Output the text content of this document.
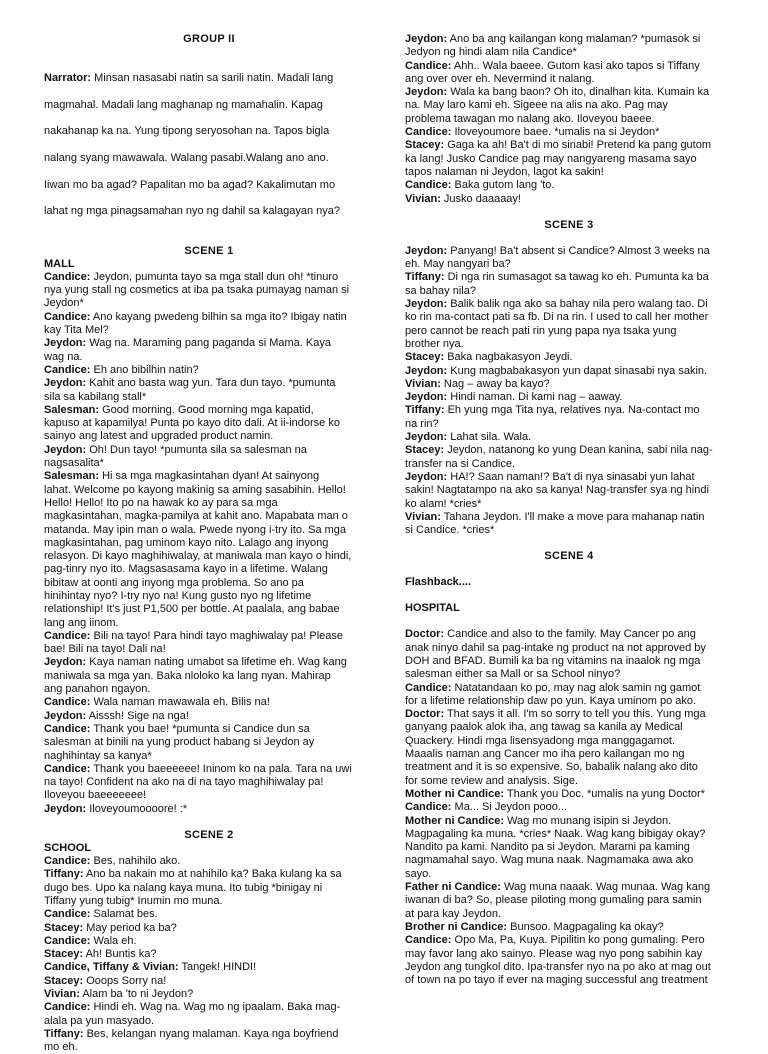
GROUP II

Narrator: Minsan nasasabi natin sa sarili natin. Madali lang

magmahal. Madali lang maghanap ng mamahalin. Kapag

nakahanap ka na. Yung tipong seryosohan na. Tapos bigla

nalang syang mawawala. Walang pasabi.Walang ano ano.

Iiwan mo ba agad? Papalitan mo ba agad? Kakalimutan mo

lahat ng mga pinagsamahan nyo ng dahil sa kalagayan nya?

SCENE 1
MALL
Candice: Jeydon, pumunta tayo sa mga stall dun oh! *tinuro
nya yung stall ng cosmetics at iba pa tsaka pumayag naman si
Jeydon*
Candice: Ano kayang pwedeng bilhin sa mga ito? Ibigay natin
kay Tita Mel?
Jeydon: Wag na. Maraming pang paganda si Mama. Kaya
wag na.
Candice: Eh ano bibilhin natin?
Jeydon: Kahit ano basta wag yun. Tara dun tayo. *pumunta
sila sa kabilang stall*
Salesman: Good morning. Good morning mga kapatid,
kapuso at kapamilya! Punta po kayo dito dali. At ii-indorse ko
sainyo ang latest and upgraded product namin.
Jeydon: Oh! Dun tayo! *pumunta sila sa salesman na
nagsasalita*
Salesman: Hi sa mga magkasintahan dyan! At sainyong
lahat. Welcome po kayong makinig sa aming sasabihin. Hello!
Hello! Hello! Ito po na hawak ko ay para sa mga
magkasintahan, magka-pamilya at kahit ano. Mapabata man o
matanda. May ipin man o wala. Pwede nyong i-try ito. Sa mga
magkasintahan, pag uminom kayo nito. Lalago ang inyong
relasyon. Di kayo maghihiwalay, at maniwala man kayo o hindi,
pag-tinry nyo ito. Magsasasama kayo in a lifetime. Walang
bibitaw at oonti ang inyong mga problema. So ano pa
hinihintay nyo? I-try nyo na! Kung gusto nyo ng lifetime
relationship! It's just P1,500 per bottle. At paalala, ang babae
lang ang iinom.
Candice: Bili na tayo! Para hindi tayo maghiwalay pa! Please
bae! Bili na tayo! Dali na!
Jeydon: Kaya naman nating umabot sa lifetime eh. Wag kang
maniwala sa mga yan. Baka nloloko ka lang nyan. Mahirap
ang panahon ngayon.
Candice: Wala naman mawawala eh. Bilis na!
Jeydon: Aisssh! Sige na nga!
Candice: Thank you bae! *pumunta si Candice dun sa
salesman at binili na yung product habang si Jeydon ay
naghihintay sa kanya*
Candice: Thank you baeeeeee! Ininom ko na pala. Tara na uwi
na tayo! Confident na ako na di na tayo maghihiwalay pa!
Iloveyou baeeeeeee!
Jeydon: Iloveyoumoooore! :*
SCENE 2
SCHOOL
Candice: Bes, nahihilo ako.
Tiffany: Ano ba nakain mo at nahihilo ka? Baka kulang ka sa
dugo bes. Upo ka nalang kaya muna. Ito tubig *binigay ni
Tiffany yung tubig* Inumin mo muna.
Candice: Salamat bes.
Stacey: May period ka ba?
Candice: Wala eh.
Stacey: Ah! Buntis ka?
Candice, Tiffany & Vivian: Tangek! HINDI!
Stacey: Ooops Sorry na!
Vivian: Alam ba 'to ni Jeydon?
Candice: Hindi eh. Wag na. Wag mo ng ipaalam. Baka mag-
alala pa yun masyado.
Tiffany: Bes, kelangan nyang malaman. Kaya nga boyfriend
mo eh.
Jeydon: Ano ba ang kailangan kong malaman? *pumasok si
Jedyon ng hindi alam nila Candice*
Candice: Ahh.. Wala baeee. Gutom kasi ako tapos si Tiffany
ang over over eh. Nevermind it nalang.
Jeydon: Wala ka bang baon? Oh ito, dinalhan kita. Kumain ka
na. May laro kami eh. Sigeee na alis na ako. Pag may
problema tawagan mo nalang ako. Iloveyou baeee.
Candice: Iloveyoumore baee. *umalis na si Jeydon*
Stacey: Gaga ka ah! Ba't di mo sinabi! Pretend ka pang gutom
ka lang! Jusko Candice pag may nangyareng masama sayo
tapos nalaman ni Jeydon, lagot ka sakin!
Candice: Baka gutom lang 'to.
Vivian: Jusko daaaaay!
SCENE 3
Jeydon: Panyang! Ba't absent si Candice? Almost 3 weeks na
eh. May nangyari ba?
Tiffany: Di nga rin sumasagot sa tawag ko eh. Pumunta ka ba
sa bahay nila?
Jeydon: Balik balik nga ako sa bahay nila pero walang tao. Di
ko rin ma-contact pati sa fb. Di na rin. I used to call her mother
pero cannot be reach pati rin yung papa nya tsaka yung
brother nya.
Stacey: Baka nagbakasyon Jeydi.
Jeydon: Kung magbabakasyon yun dapat sinasabi nya sakin.
Vivian: Nag – away ba kayo?
Jeydon: Hindi naman. Di kami nag – aaway.
Tiffany: Eh yung mga Tita nya, relatives nya. Na-contact mo
na rin?
Jeydon: Lahat sila. Wala.
Stacey: Jeydon, natanong ko yung Dean kanina, sabi nila nag-
transfer na si Candice.
Jeydon: HA!? Saan naman!? Ba't di nya sinasabi yun lahat
sakin! Nagtatampo na ako sa kanya! Nag-transfer sya ng hindi
ko alam! *cries*
Vivian: Tahana Jeydon. I'll make a move para mahanap natin
si Candice. *cries*
SCENE 4
Flashback....
HOSPITAL
Doctor: Candice and also to the family. May Cancer po ang
anak ninyo dahil sa pag-intake ng product na not approved by
DOH and BFAD. Bumili ka ba ng vitamins na inaalok ng mga
salesman either sa Mall or sa School ninyo?
Candice: Natatandaan ko po, may nag alok samin ng gamot
for a lifetime relationship daw po yun. Kaya uminom po ako.
Doctor: That says it all. I'm so sorry to tell you this. Yung mga
ganyang paalok alok iha, ang tawag sa kanila ay Medical
Quackery. Hindi mga lisensyadong mga manggagamot.
Maaalis naman ang Cancer mo iha pero kailangan mo ng
treatment and it is so expensive. So, babalik nalang ako dito
for some review and analysis. Sige.
Mother ni Candice: Thank you Doc. *umalis na yung Doctor*
Candice: Ma... Si Jeydon pooo...
Mother ni Candice: Wag mo munang isipin si Jeydon.
Magpagaling ka muna. *cries* Naak. Wag kang bibigay okay?
Nandito pa kami. Nandito pa si Jeydon. Marami pa kaming
nagmamahal sayo. Wag muna naak. Nagmamaka awa ako
sayo.
Father ni Candice: Wag muna naaak. Wag munaa. Wag kang
iwanan di ba? So, please piloting mong gumaling para samin
at para kay Jeydon.
Brother ni Candice: Bunsoo. Magpagaling ka okay?
Candice: Opo Ma, Pa, Kuya. Pipilitin ko pong gumaling. Pero
may favor lang ako sainyo. Please wag nyo pong sabihin kay
Jeydon ang tungkol dito. Ipa-transfer nyo na po ako at mag out
of town na po tayo if ever na maging successful ang treatment
